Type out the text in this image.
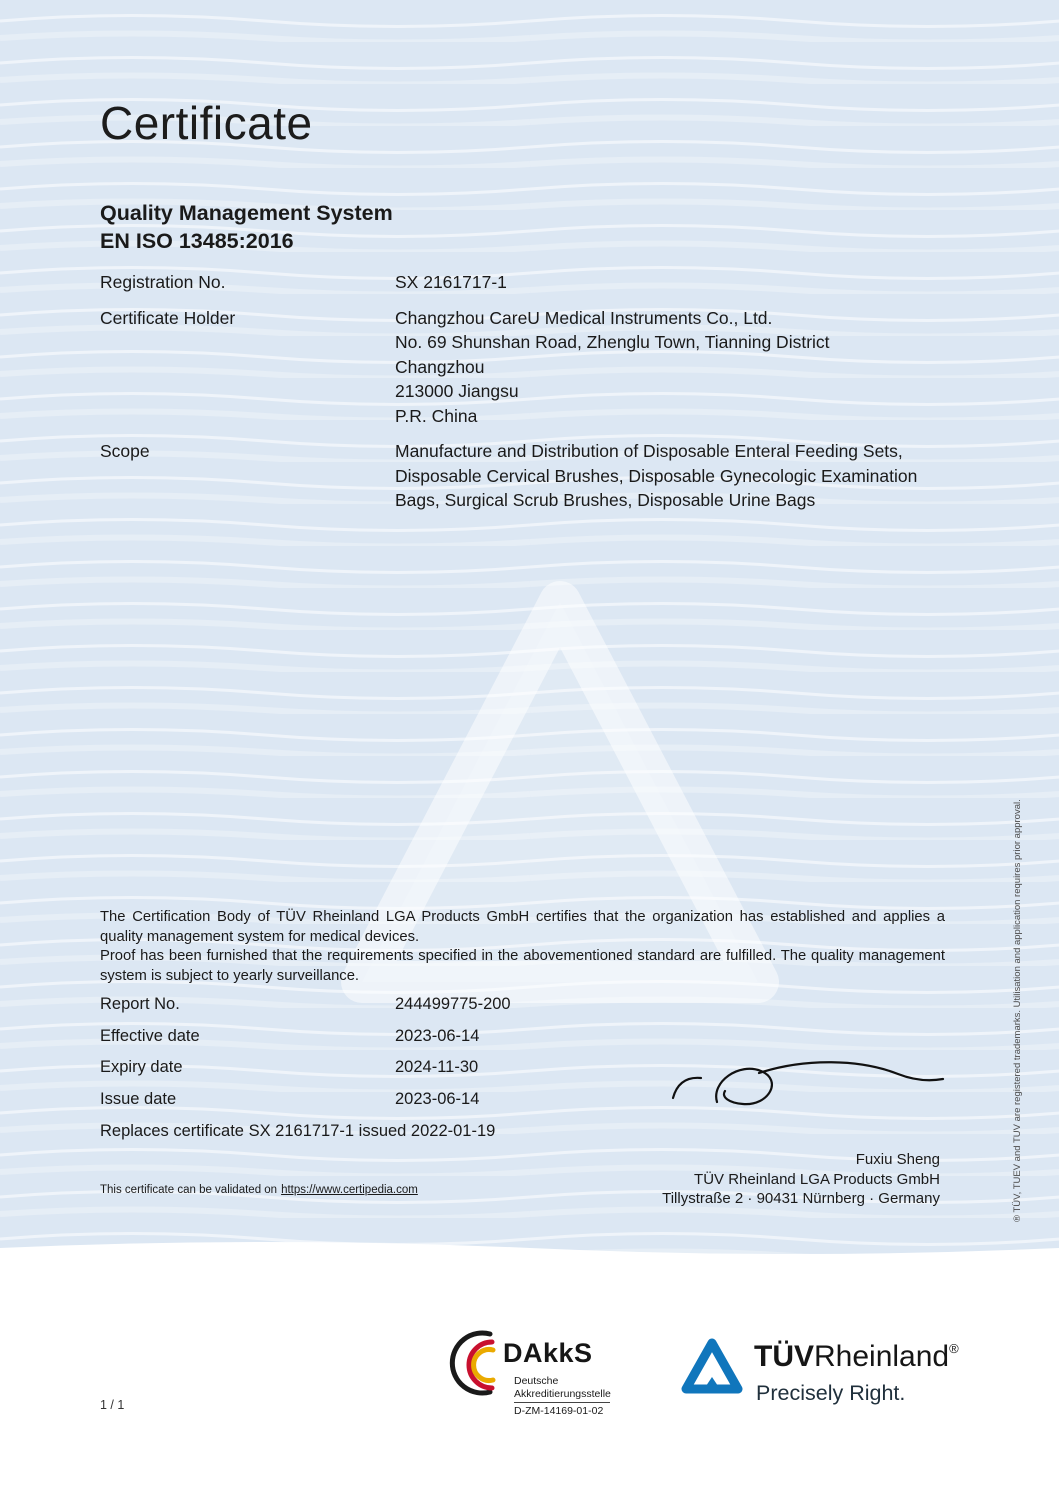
Certificate
Quality Management System
EN ISO 13485:2016
Registration No.	SX 2161717-1
Certificate Holder	Changzhou CareU Medical Instruments Co., Ltd.
No. 69 Shunshan Road, Zhenglu Town, Tianning District
Changzhou
213000 Jiangsu
P.R. China
Scope	Manufacture and Distribution of Disposable Enteral Feeding Sets, Disposable Cervical Brushes, Disposable Gynecologic Examination Bags, Surgical Scrub Brushes, Disposable Urine Bags

The Certification Body of TÜV Rheinland LGA Products GmbH certifies that the organization has established and applies a quality management system for medical devices.

Proof has been furnished that the requirements specified in the abovementioned standard are fulfilled. The quality management system is subject to yearly surveillance.

Report No.	244499775-200
Effective date	2023-06-14
Expiry date	2024-11-30
Issue date	2023-06-14
Replaces certificate SX 2161717-1 issued 2022-01-19
Fuxiu Sheng
TÜV Rheinland LGA Products GmbH
Tillystraße 2 · 90431 Nürnberg · Germany
This certificate can be validated on https://www.certipedia.com	® TÜV, TUEV and TUV are registered trademarks. Utilisation and application requires prior approval.
1 / 1
DAkkS
Deutsche
Akkreditierungsstelle
D-ZM-14169-01-02
TÜVRheinland®
Precisely Right.
